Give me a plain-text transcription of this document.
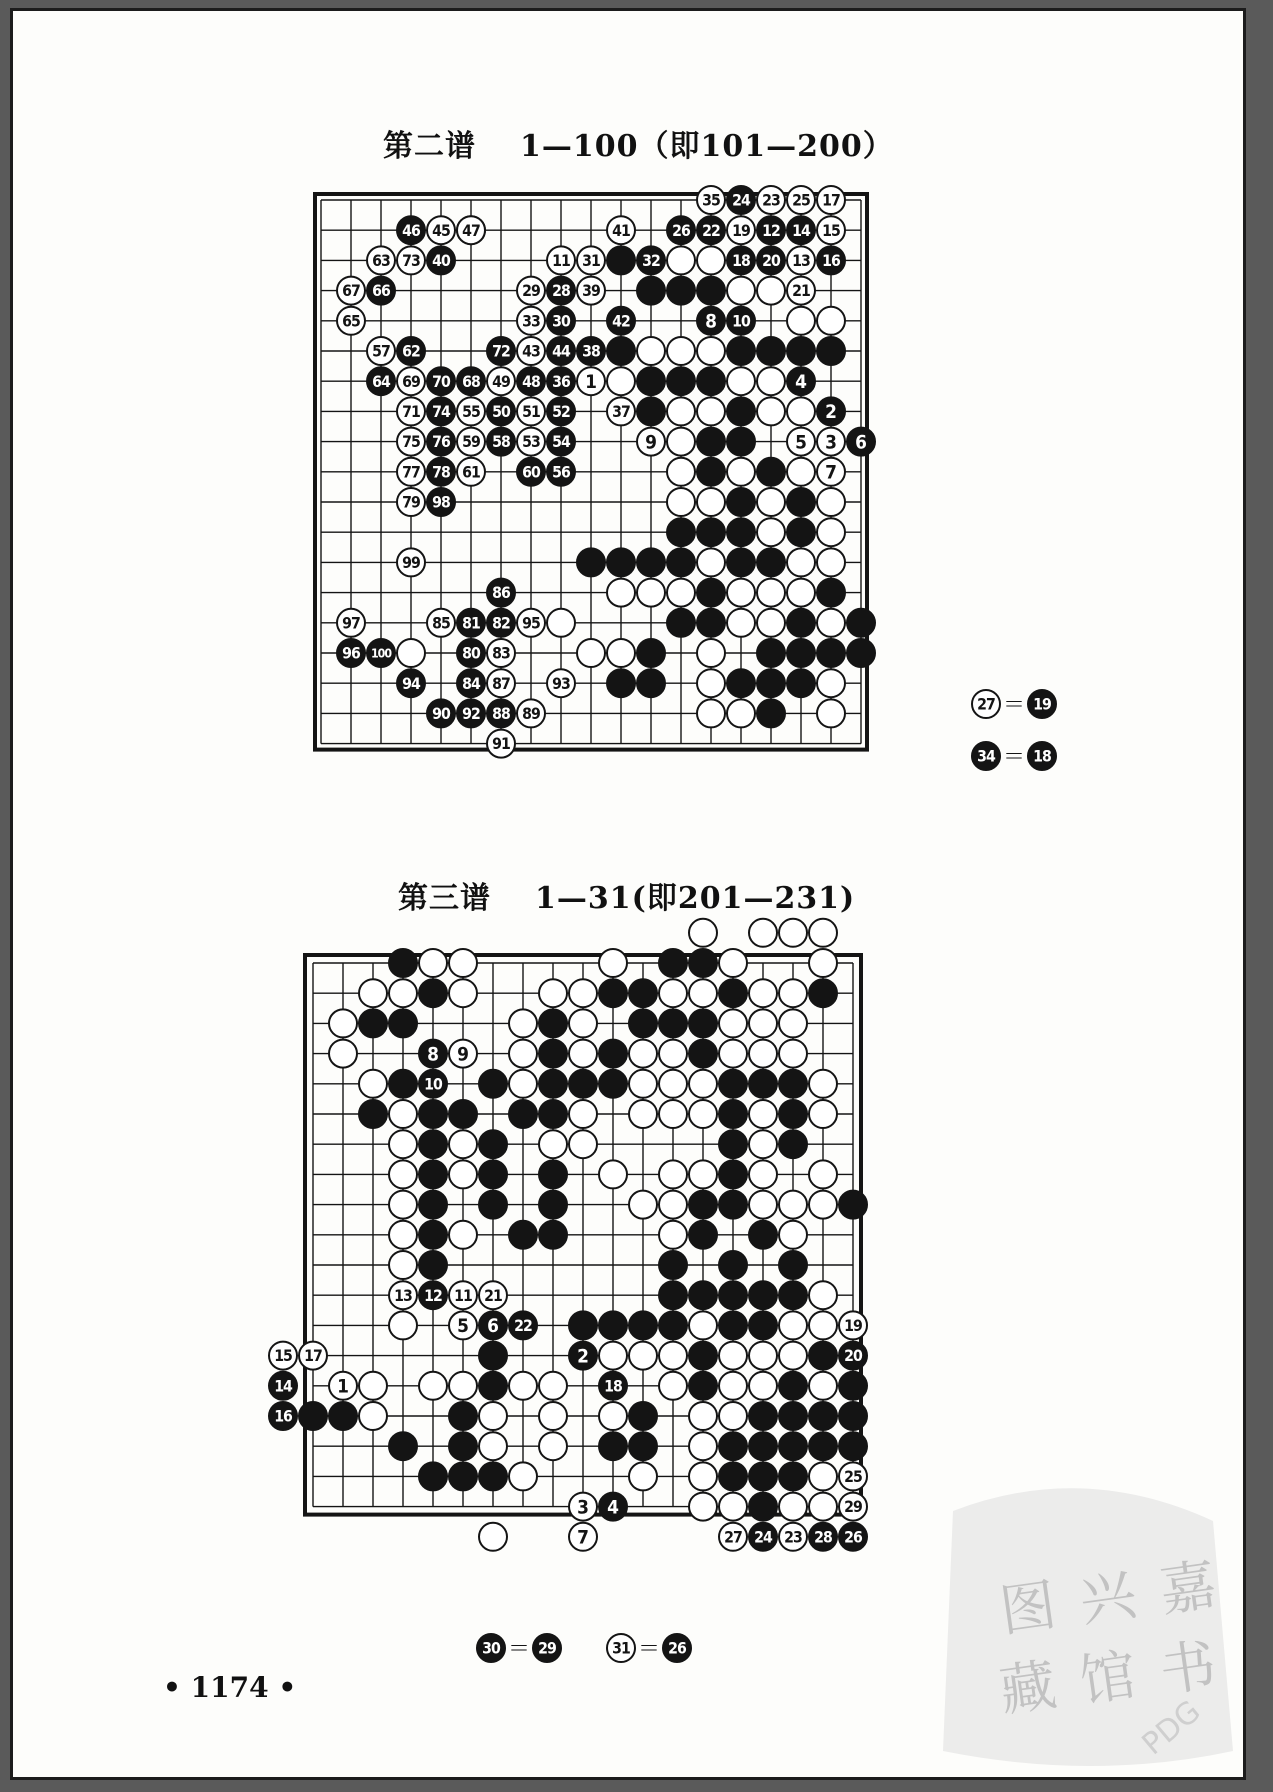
第二谱 1—100（即101—200）
35 24 23 25 17
46 45 47	41	26 22 19 12 14 15
63 73 40	11 31	32	18 20 13 16
67 66	29 28 39	21
65	33 30	42	8 10
57 62	72 43 44 38
64 69 70 68 49 48 36 1	4
71 74 55 50 51 52	37	2
75 76 59 58 53 54	9	5 3 6
77 78 61	60 56	7
79 98
99
86
97	85 81 82 95
96 100	80 83
94	84 87	93
90 92 88 89
91
27 ＝ 19
34 ＝ 18
第三谱 1—31(即201—231)
8 9
10
13 12 11 21
5 6 22	19
15 17	2	20
14 1	18
16
25
3 4	29
7	27 24 23 28 26
30 ＝ 29	31 ＝ 26
• 1174 •
嘉
兴
图
书
馆
藏
PDG
